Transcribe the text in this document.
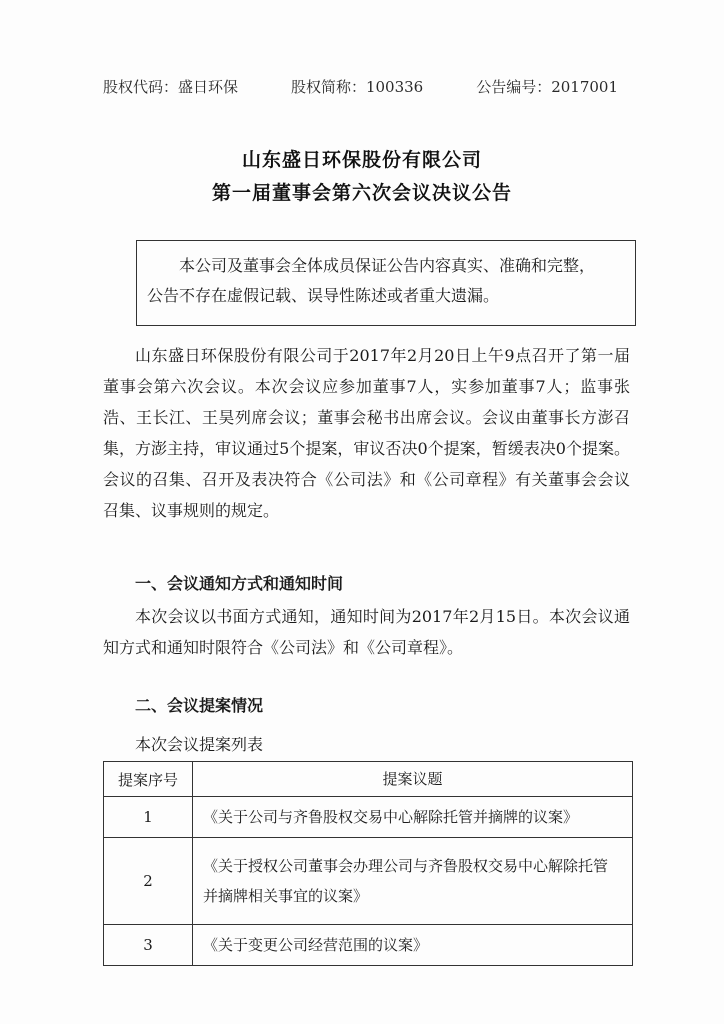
股权代码：盛日环保	股权简称：100336	公告编号：2017001
山东盛日环保股份有限公司
第一届董事会第六次会议决议公告

本公司及董事会全体成员保证公告内容真实、准确和完整，

公告不存在虚假记载、误导性陈述或者重大遗漏。

山东盛日环保股份有限公司于2017年2月20日上午9点召开了第一届董事会第六次会议。本次会议应参加董事7人，实参加董事7人；监事张浩、王长江、王昊列席会议；董事会秘书出席会议。会议由董事长方澎召集，方澎主持，审议通过5个提案，审议否决0个提案，暂缓表决0个提案。会议的召集、召开及表决符合《公司法》和《公司章程》有关董事会会议召集、议事规则的规定。

一、会议通知方式和通知时间

本次会议以书面方式通知，通知时间为2017年2月15日。本次会议通知方式和通知时限符合《公司法》和《公司章程》。

二、会议提案情况

本次会议提案列表

提案序号	提案议题
1	《关于公司与齐鲁股权交易中心解除托管并摘牌的议案》
2	《关于授权公司董事会办理公司与齐鲁股权交易中心解除托管并摘牌相关事宜的议案》
3	《关于变更公司经营范围的议案》
